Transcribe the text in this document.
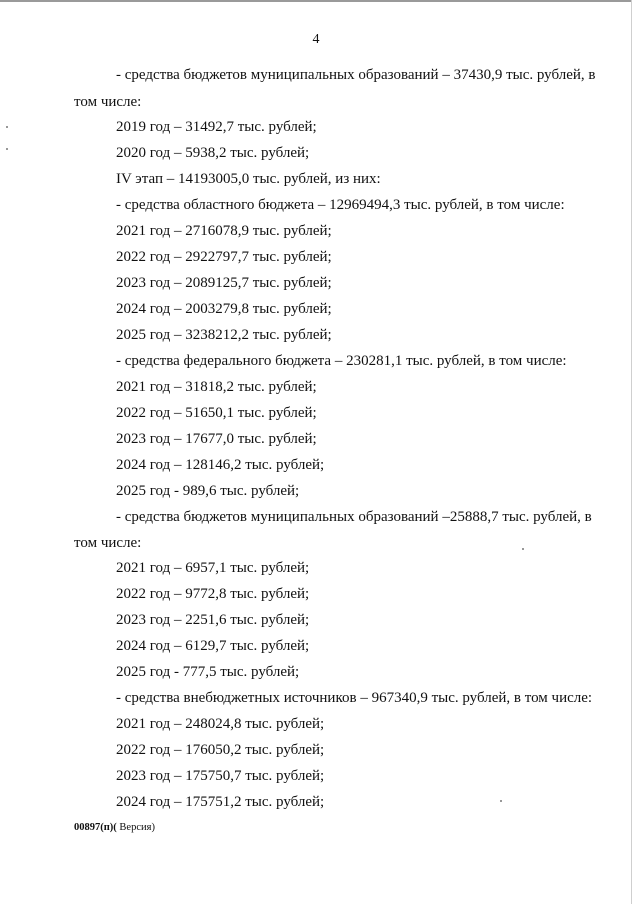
4
- средства бюджетов муниципальных образований – 37430,9 тыс. рублей, в
том числе:
2019 год – 31492,7 тыс. рублей;
2020 год – 5938,2 тыс. рублей;
IV этап – 14193005,0 тыс. рублей, из них:
- средства областного бюджета – 12969494,3 тыс. рублей, в том числе:
2021 год – 2716078,9 тыс. рублей;
2022 год – 2922797,7 тыс. рублей;
2023 год – 2089125,7 тыс. рублей;
2024 год – 2003279,8 тыс. рублей;
2025 год – 3238212,2 тыс. рублей;
- средства федерального бюджета – 230281,1 тыс. рублей, в том числе:
2021 год – 31818,2 тыс. рублей;
2022 год – 51650,1 тыс. рублей;
2023 год – 17677,0 тыс. рублей;
2024 год – 128146,2 тыс. рублей;
2025 год - 989,6 тыс. рублей;
- средства бюджетов муниципальных образований –25888,7 тыс. рублей, в
том числе:
2021 год – 6957,1 тыс. рублей;
2022 год – 9772,8 тыс. рублей;
2023 год – 2251,6 тыс. рублей;
2024 год – 6129,7 тыс. рублей;
2025 год - 777,5 тыс. рублей;
- средства внебюджетных источников – 967340,9 тыс. рублей, в том числе:
2021 год – 248024,8 тыс. рублей;
2022 год – 176050,2 тыс. рублей;
2023 год – 175750,7 тыс. рублей;
2024 год – 175751,2 тыс. рублей;
00897(п)( Версия)
